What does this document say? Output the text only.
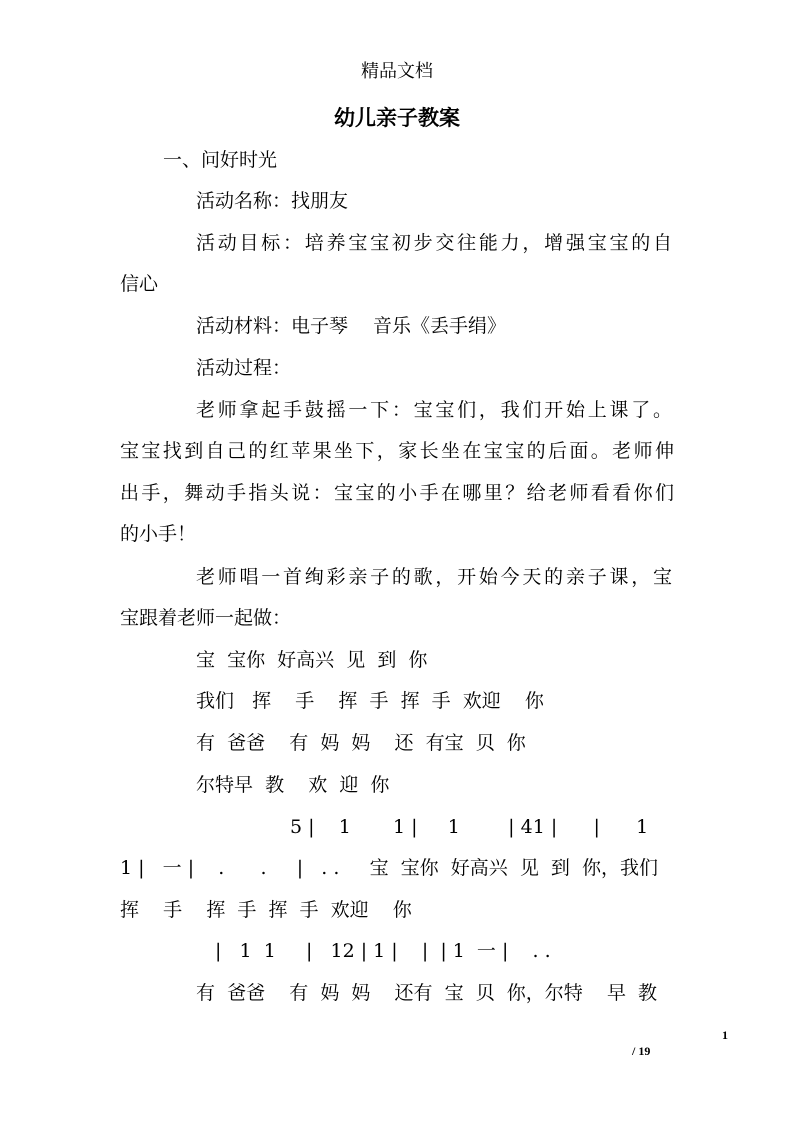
精品文档
幼儿亲子教案
一、问好时光
活动名称：找朋友
活动目标：培养宝宝初步交往能力，增强宝宝的自
信心
活动材料：电子琴　 音乐《丢手绢》
活动过程：
老师拿起手鼓摇一下：宝宝们，我们开始上课了。
宝宝找到自己的红苹果坐下，家长坐在宝宝的后面。老师伸
出手，舞动手指头说：宝宝的小手在哪里？给老师看看你们
的小手！
老师唱一首绚彩亲子的歌，开始今天的亲子课，宝
宝跟着老师一起做：
宝  宝你  好高兴  见  到  你
我们   挥    手    挥  手  挥  手  欢迎    你
有  爸爸    有  妈  妈    还  有宝  贝  你
尔特早  教    欢  迎  你
5 |    1       1 |     1        | 41 |      |      1
1 |   一 |    .      .     |   . .     宝  宝你  好高兴  见  到  你，我们
挥    手    挥  手  挥  手  欢迎    你
|   1  1     |   12 | 1 |    |  | 1  一 |    . .
有  爸爸    有  妈  妈    还有  宝  贝  你，尔特    早  教
1
/ 19
